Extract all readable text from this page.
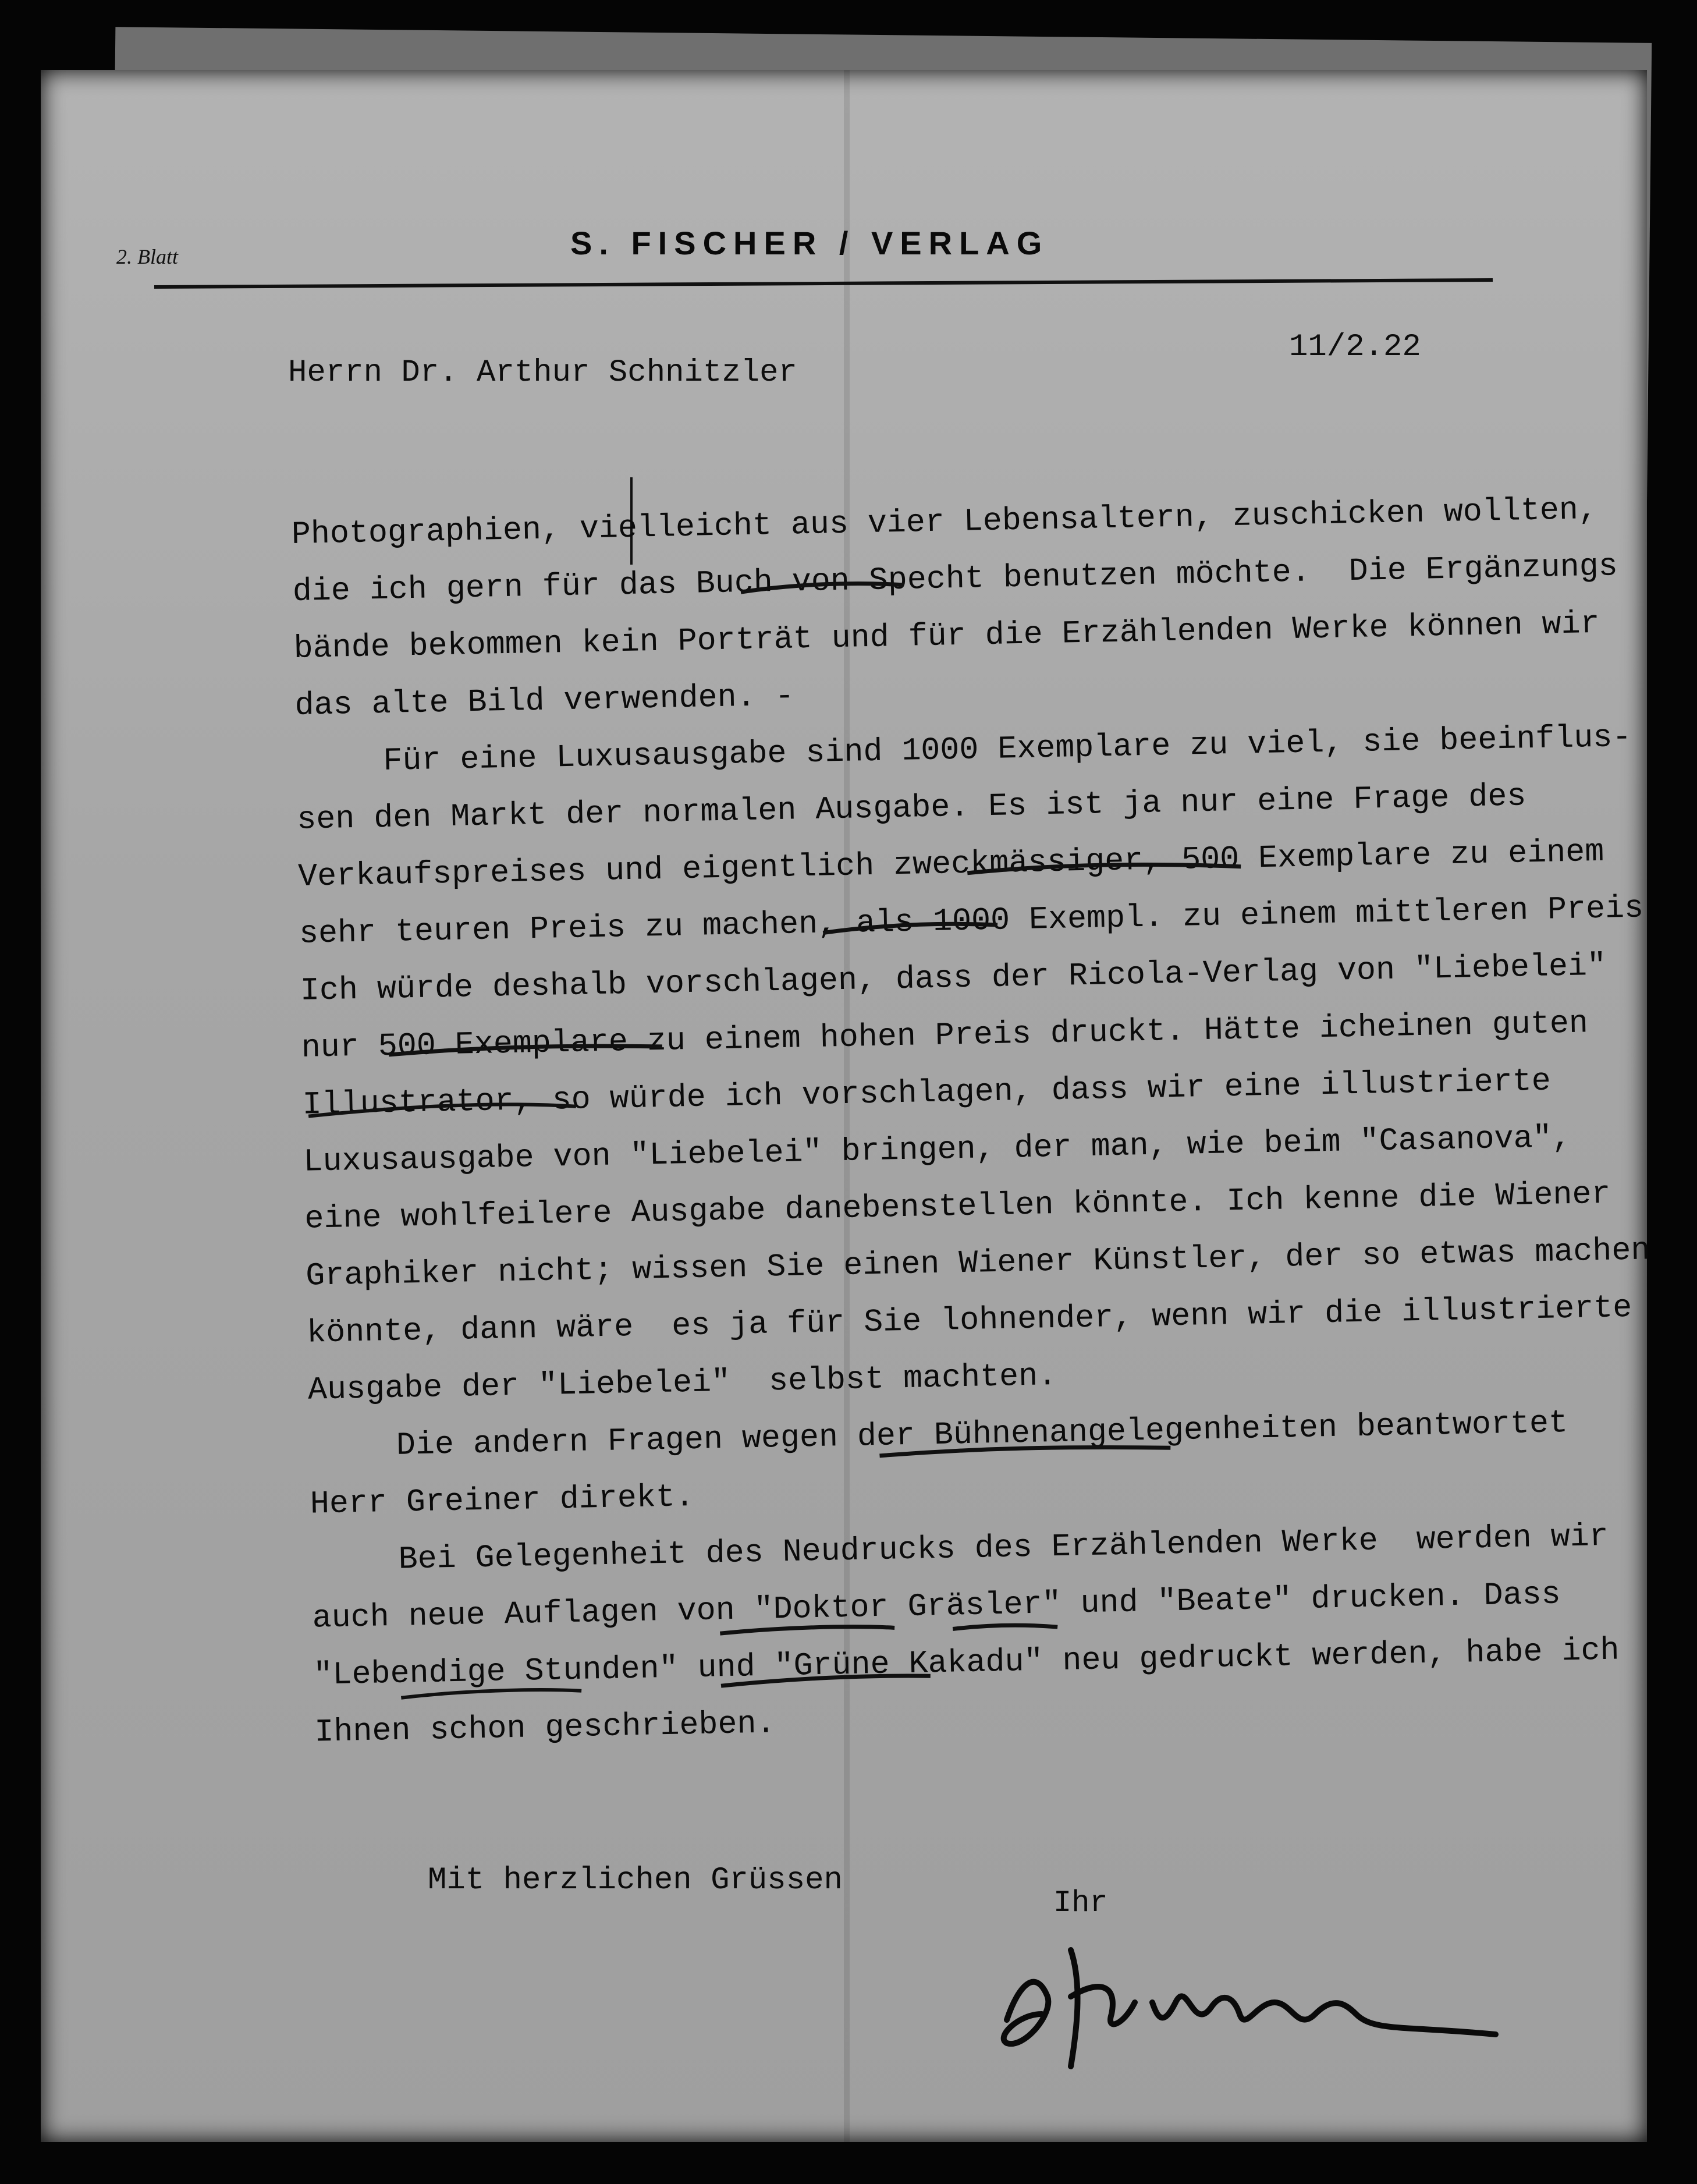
2. Blatt	S. FISCHER / VERLAG
Herrn Dr. Arthur Schnitzler
11/2.22
Photographien, vielleicht aus vier Lebensaltern, zuschicken wollten,
die ich gern für das Buch von Specht benutzen möchte.  Die Ergänzungs
bände bekommen kein Porträt und für die Erzählenden Werke können wir
das alte Bild verwenden. -
Für eine Luxusausgabe sind 1000 Exemplare zu viel, sie beeinflus-
sen den Markt der normalen Ausgabe. Es ist ja nur eine Frage des
Verkaufspreises und eigentlich zweckmässiger, 500 Exemplare zu einem
sehr teuren Preis zu machen, als 1000 Exempl. zu einem mittleren Preis
Ich würde deshalb vorschlagen, dass der Ricola-Verlag von "Liebelei"
nur 500 Exemplare zu einem hohen Preis druckt. Hätte icheinen guten
Illustrator, so würde ich vorschlagen, dass wir eine illustrierte
Luxusausgabe von "Liebelei" bringen, der man, wie beim "Casanova",
eine wohlfeilere Ausgabe danebenstellen könnte. Ich kenne die Wiener
Graphiker nicht; wissen Sie einen Wiener Künstler, der so etwas machen
könnte, dann wäre  es ja für Sie lohnender, wenn wir die illustrierte
Ausgabe der "Liebelei"  selbst machten.
Die andern Fragen wegen der Bühnenangelegenheiten beantwortet
Herr Greiner direkt.
Bei Gelegenheit des Neudrucks des Erzählenden Werke  werden wir
auch neue Auflagen von "Doktor Gräsler" und "Beate" drucken. Dass
"Lebendige Stunden" und "Grüne Kakadu" neu gedruckt werden, habe ich
Ihnen schon geschrieben.
Mit herzlichen Grüssen
Ihr
